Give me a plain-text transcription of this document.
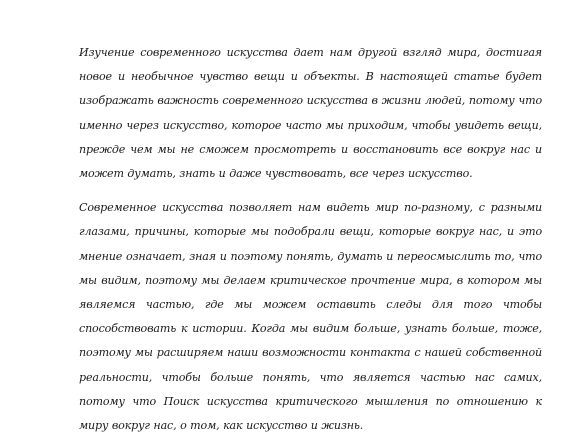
Изучение современного искусства дает нам другой взгляд мира, достигая новое и необычное чувство вещи и объекты. В настоящей статье будет изображать важность современного искусства в жизни людей, потому что именно через искусство, которое часто мы приходим, чтобы увидеть вещи, прежде чем мы не сможем просмотреть и восстановить все вокруг нас и может думать, знать и даже чувствовать, все через искусство.

Современное искусства позволяет нам видеть мир по-разному, с разными глазами, причины, которые мы подобрали вещи, которые вокруг нас, и это мнение означает, зная и поэтому понять, думать и переосмыслить то, что мы видим, поэтому мы делаем критическое прочтение мира, в котором мы являемся частью, где мы можем оставить следы для того чтобы способствовать к истории. Когда мы видим больше, узнать больше, тоже, поэтому мы расширяем наши возможности контакта с нашей собственной реальности, чтобы больше понять, что является частью нас самих, потому что Поиск искусства критического мышления по отношению к миру вокруг нас, о том, как искусство и жизнь.
